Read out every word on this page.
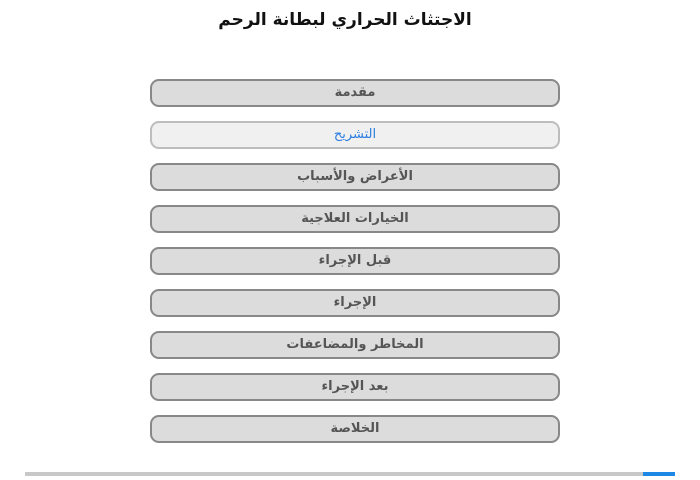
الاجتثاث الحراري لبطانة الرحم
مقدمة
التشريح
الأعراض والأسباب
الخيارات العلاجية
قبل الإجراء
الإجراء
المخاطر والمضاعفات
بعد الإجراء
الخلاصة
